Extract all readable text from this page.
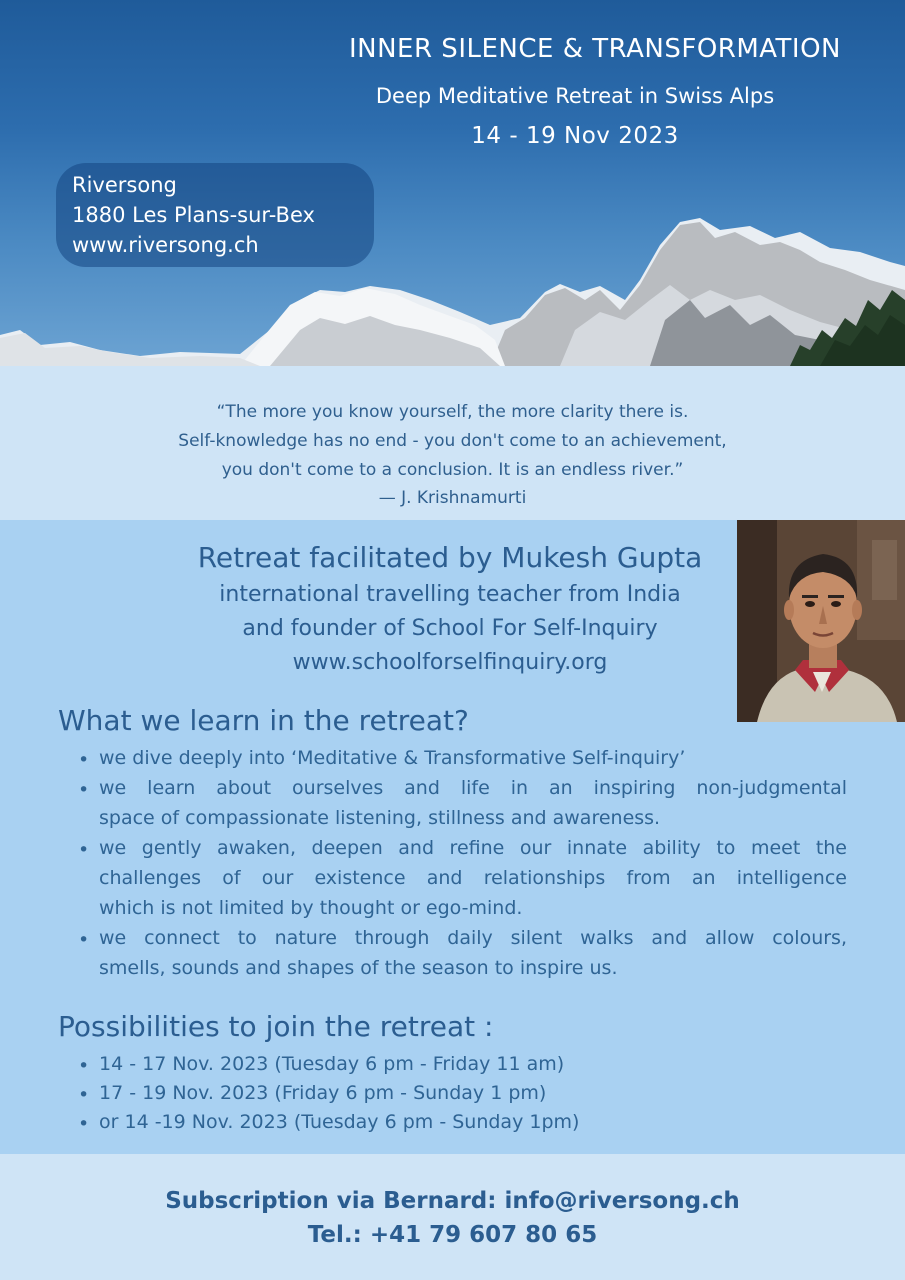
INNER SILENCE & TRANSFORMATION
Deep Meditative Retreat in Swiss Alps
14 - 19 Nov 2023
Riversong
1880 Les Plans-sur-Bex
www.riversong.ch
“The more you know yourself, the more clarity there is.
Self-knowledge has no end - you don't come to an achievement,
you don't come to a conclusion. It is an endless river.”
— J. Krishnamurti
Retreat facilitated by Mukesh Gupta
international travelling teacher from India
and founder of School For Self-Inquiry
www.schoolforselfinquiry.org
What we learn in the retreat?
• we dive deeply into ‘Meditative & Transformative Self-inquiry’
• we learn about ourselves and life in an inspiring non-judgmental
space of compassionate listening, stillness and awareness.
• we gently awaken, deepen and refine our innate ability to meet the
challenges of our existence and relationships from an intelligence
which is not limited by thought or ego-mind.
• we connect to nature through daily silent walks and allow colours,
smells, sounds and shapes of the season to inspire us.
Possibilities to join the retreat :
• 14 - 17 Nov. 2023 (Tuesday 6 pm - Friday 11 am)
• 17 - 19 Nov. 2023 (Friday 6 pm - Sunday 1 pm)
• or 14 -19 Nov. 2023 (Tuesday 6 pm - Sunday 1pm)
Subscription via Bernard: info@riversong.ch
Tel.: +41 79 607 80 65
